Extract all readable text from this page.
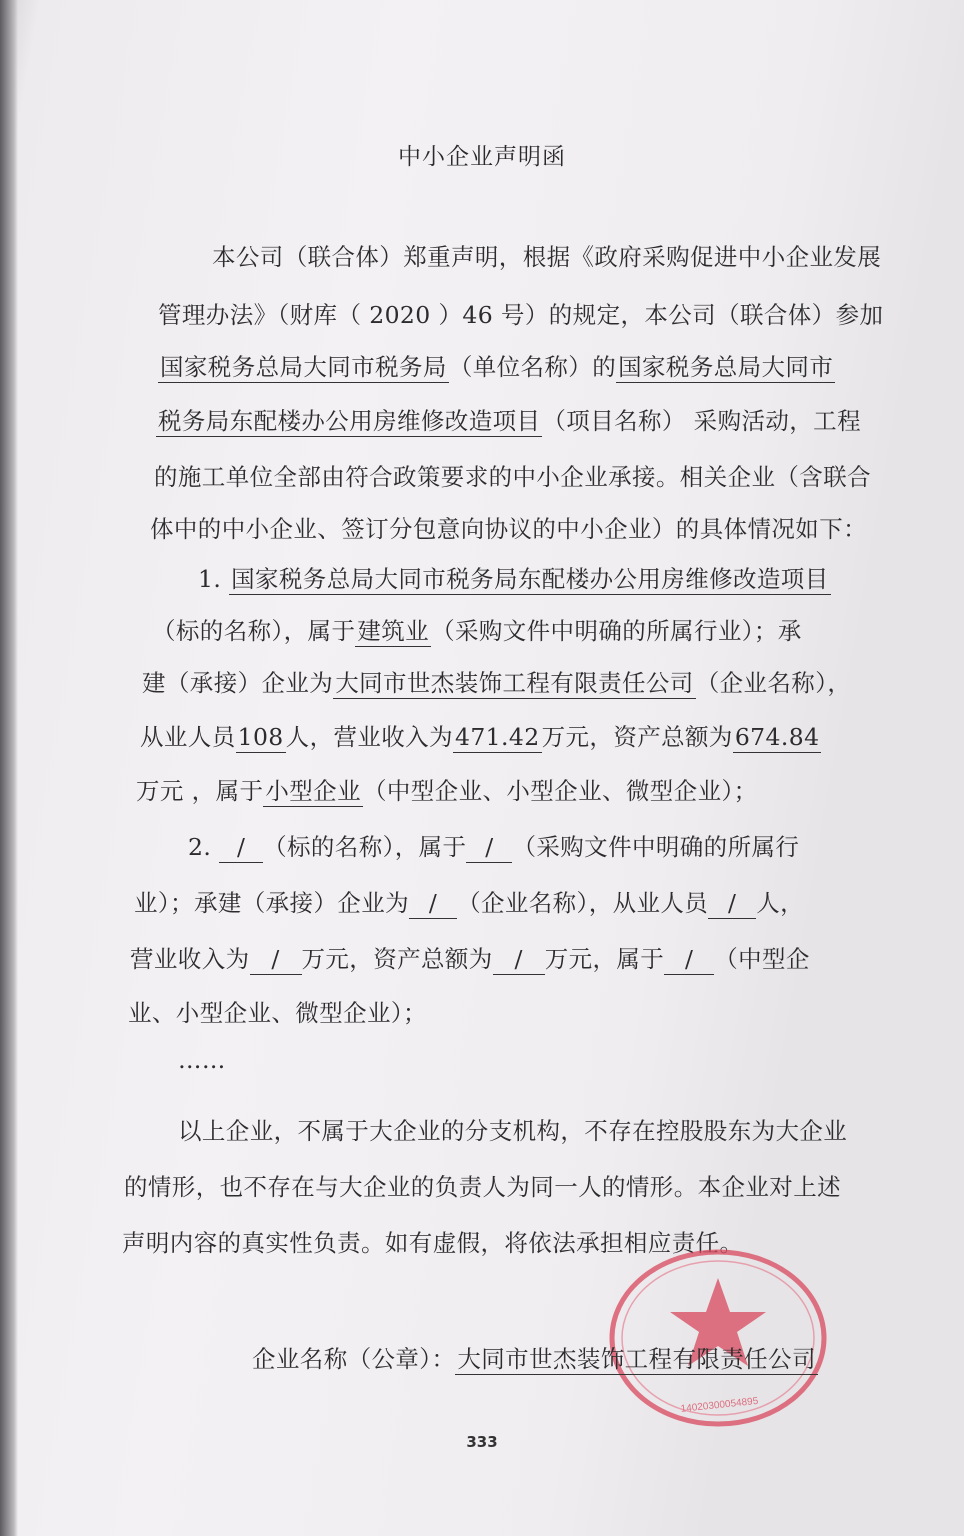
中小企业声明函
本公司（联合体）郑重声明，根据《政府采购促进中小企业发展
管理办法》（财库（ 2020 ）46 号）的规定，本公司（联合体）参加
国家税务总局大同市税务局（单位名称）的国家税务总局大同市
税务局东配楼办公用房维修改造项目（项目名称） 采购活动，工程
的施工单位全部由符合政策要求的中小企业承接。相关企业（含联合
体中的中小企业、签订分包意向协议的中小企业）的具体情况如下：
1. 国家税务总局大同市税务局东配楼办公用房维修改造项目
（标的名称），属于建筑业（采购文件中明确的所属行业）；承
建（承接）企业为大同市世杰装饰工程有限责任公司（企业名称），
从业人员108人，营业收入为471.42万元，资产总额为674.84
万元 ，属于小型企业（中型企业、小型企业、微型企业）；
2. / （标的名称），属于 / （采购文件中明确的所属行
业）；承建（承接）企业为 / （企业名称），从业人员 / 人，
营业收入为 / 万元，资产总额为 / 万元，属于 / （中型企
业、小型企业、微型企业）；
……
以上企业，不属于大企业的分支机构，不存在控股股东为大企业
的情形，也不存在与大企业的负责人为同一人的情形。本企业对上述
声明内容的真实性负责。如有虚假，将依法承担相应责任。
14020300054895
企业名称（公章）：大同市世杰装饰工程有限责任公司
333
